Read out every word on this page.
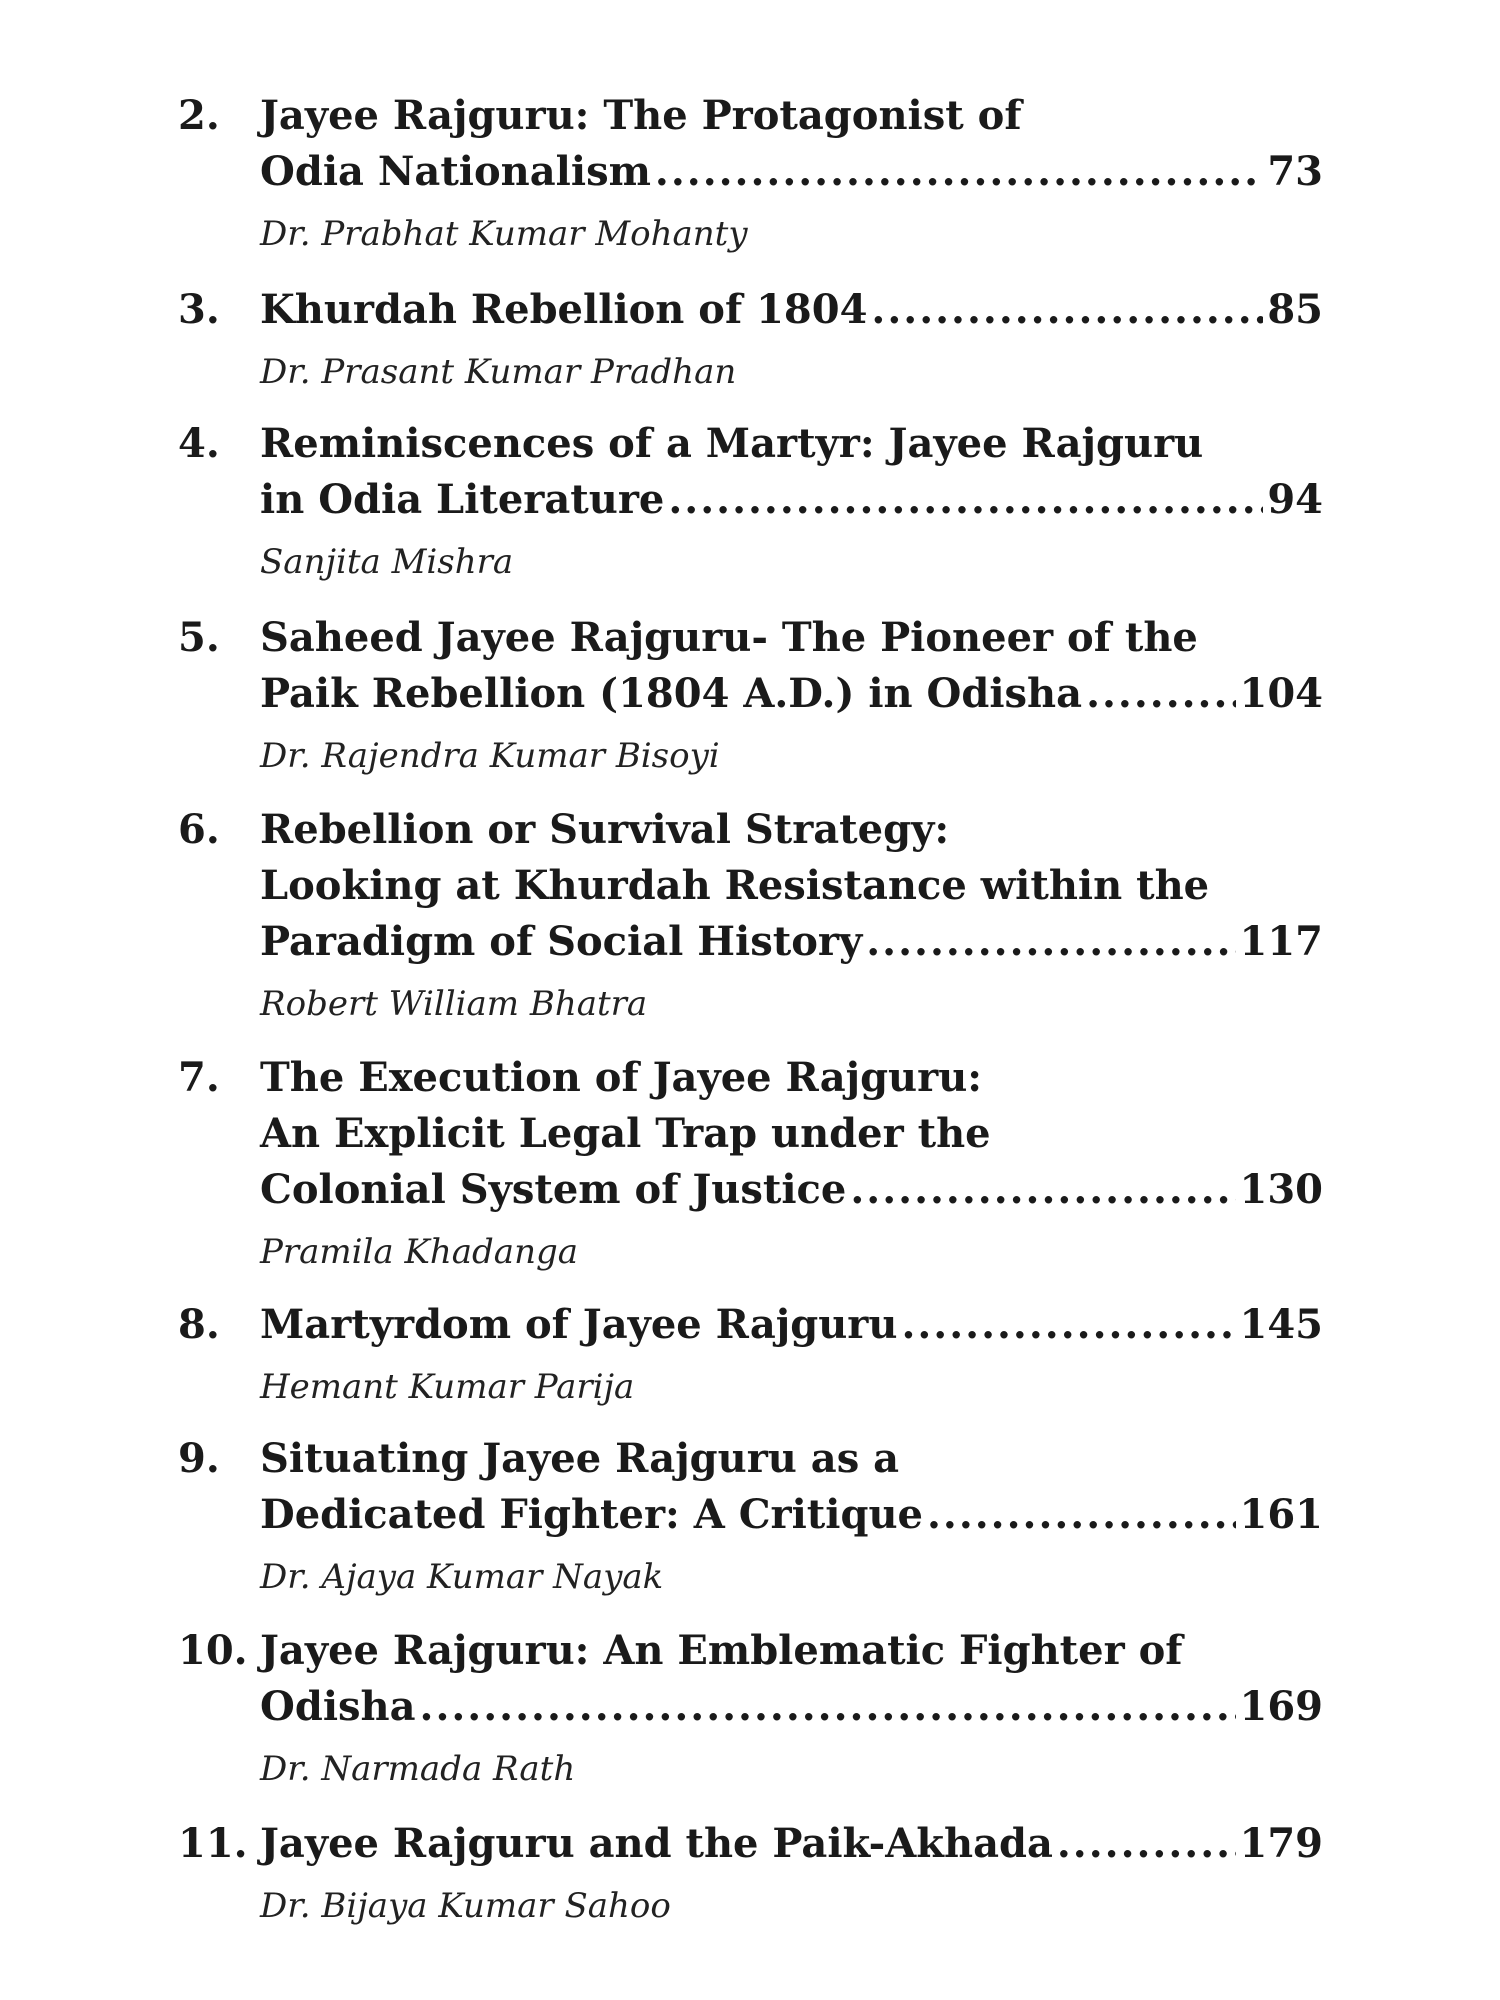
2. Jayee Rajguru: The Protagonist of
Odia Nationalism .....	73
Dr. Prabhat Kumar Mohanty
3. Khurdah Rebellion of 1804 .....	85
Dr. Prasant Kumar Pradhan
4. Reminiscences of a Martyr: Jayee Rajguru
in Odia Literature .....	94
Sanjita Mishra
5. Saheed Jayee Rajguru- The Pioneer of the
Paik Rebellion (1804 A.D.) in Odisha .....	104
Dr. Rajendra Kumar Bisoyi
6. Rebellion or Survival Strategy:
Looking at Khurdah Resistance within the
Paradigm of Social History .....	117
Robert William Bhatra
7. The Execution of Jayee Rajguru:
An Explicit Legal Trap under the
Colonial System of Justice .....	130
Pramila Khadanga
8. Martyrdom of Jayee Rajguru .....	145
Hemant Kumar Parija
9. Situating Jayee Rajguru as a
Dedicated Fighter: A Critique .....	161
Dr. Ajaya Kumar Nayak
10. Jayee Rajguru: An Emblematic Fighter of
Odisha .....	169
Dr. Narmada Rath
11. Jayee Rajguru and the Paik-Akhada .....	179
Dr. Bijaya Kumar Sahoo
